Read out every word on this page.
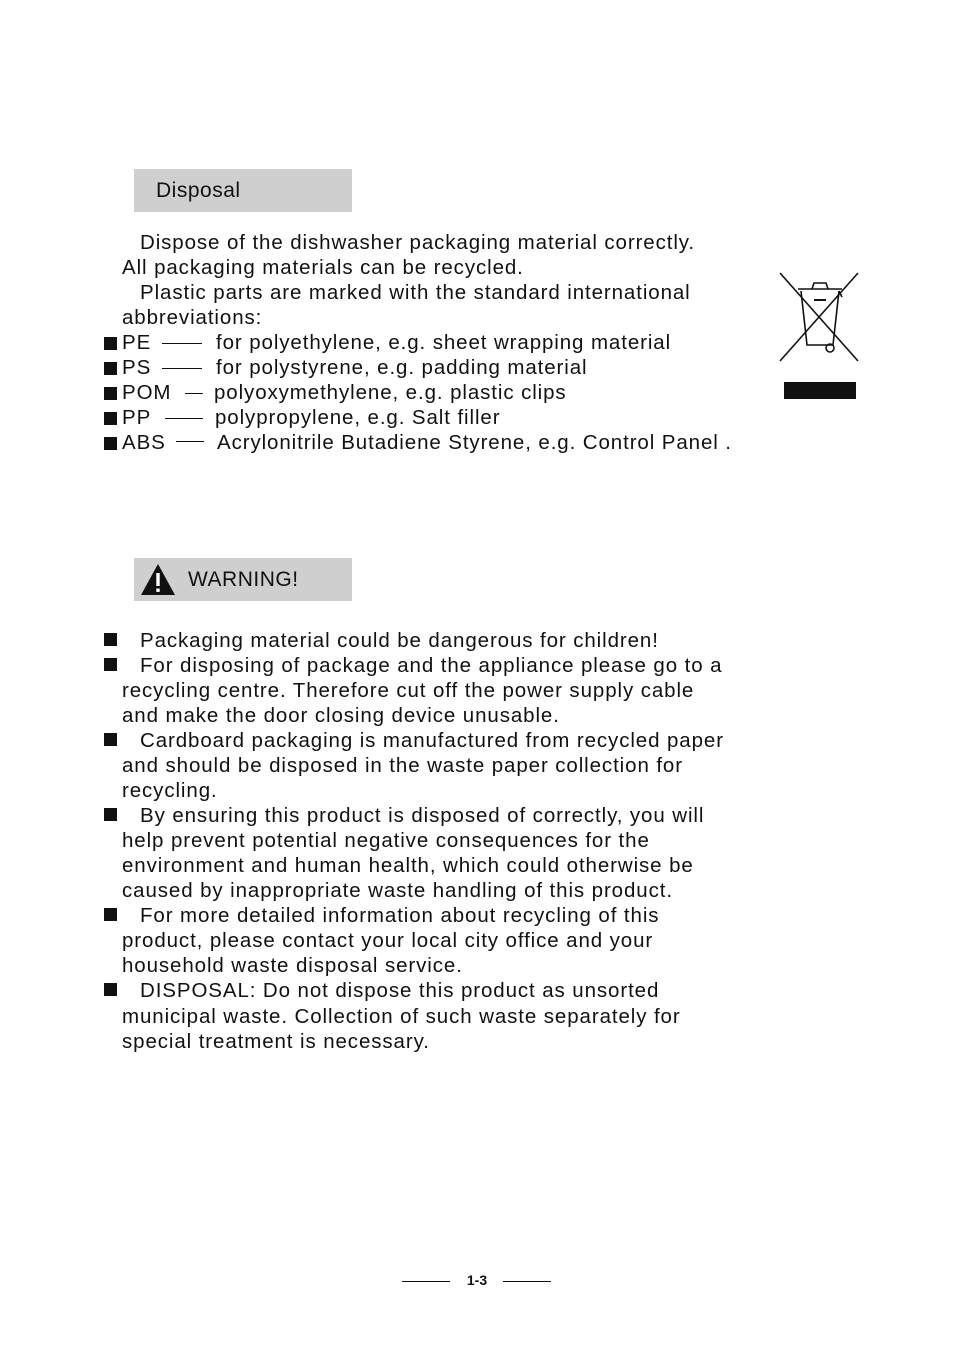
Disposal
Dispose of the dishwasher packaging material correctly.
All packaging materials can be recycled.
Plastic parts are marked with the standard international
abbreviations:
PE	for polyethylene, e.g. sheet wrapping material
PS	for polystyrene, e.g. padding material
POM polyoxymethylene, e.g. plastic clips
PP	polypropylene, e.g. Salt filler
ABS	Acrylonitrile Butadiene Styrene, e.g. Control Panel .
WARNING!
Packaging material could be dangerous for children!
For disposing of package and the appliance please go to a
recycling centre. Therefore cut off the power supply cable
and make the door closing device unusable.
Cardboard packaging is manufactured from recycled paper
and should be disposed in the waste paper collection for
recycling.
By ensuring this product is disposed of correctly, you will
help prevent potential negative consequences for the
environment and human health, which could otherwise be
caused by inappropriate waste handling of this product.
For more detailed information about recycling of this
product, please contact your local city office and your
household waste disposal service.
DISPOSAL: Do not dispose this product as unsorted
municipal waste. Collection of such waste separately for
special treatment is necessary.
1-3
